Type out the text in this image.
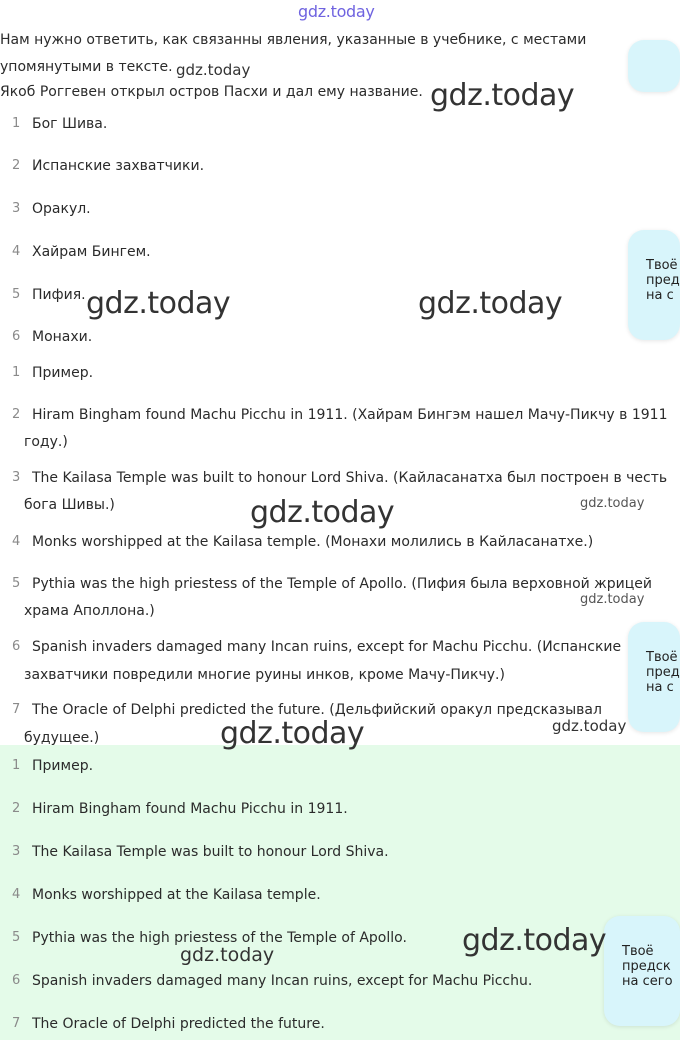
gdz.today
Нам нужно ответить, как связанны явления, указанные в учебнике, с местами
упомянутыми в тексте.
Якоб Роггевен открыл остров Пасхи и дал ему название.
1 Бог Шива.
2 Испанские захватчики.
3 Оракул.
4 Хайрам Бингем.
5 Пифия.
6 Монахи.
1 Пример.
2 Hiram Bingham found Machu Picchu in 1911. (Хайрам Бингэм нашел Мачу-Пикчу в 1911
году.)
3 The Kailasa Temple was built to honour Lord Shiva. (Кайласанатха был построен в честь
бога Шивы.)
4 Monks worshipped at the Kailasa temple. (Монахи молились в Кайласанатхе.)
5 Pythia was the high priestess of the Temple of Apollo. (Пифия была верховной жрицей
храма Аполлона.)
6 Spanish invaders damaged many Incan ruins, except for Machu Picchu. (Испанские
захватчики повредили многие руины инков, кроме Мачу-Пикчу.)
7 The Oracle of Delphi predicted the future. (Дельфийский оракул предсказывал
будущее.)
1 Пример.
2 Hiram Bingham found Machu Picchu in 1911.
3 The Kailasa Temple was built to honour Lord Shiva.
4 Monks worshipped at the Kailasa temple.
5 Pythia was the high priestess of the Temple of Apollo.
6 Spanish invaders damaged many Incan ruins, except for Machu Picchu.
7 The Oracle of Delphi predicted the future.
Твоё
пред
на с
Твоё
пред
на с
Твоё
предск
на сего
gdz.today
gdz.today
gdz.today	gdz.today
gdz.today
gdz.today
gdz.today
gdz.today
gdz.today
gdz.today
gdz.today
